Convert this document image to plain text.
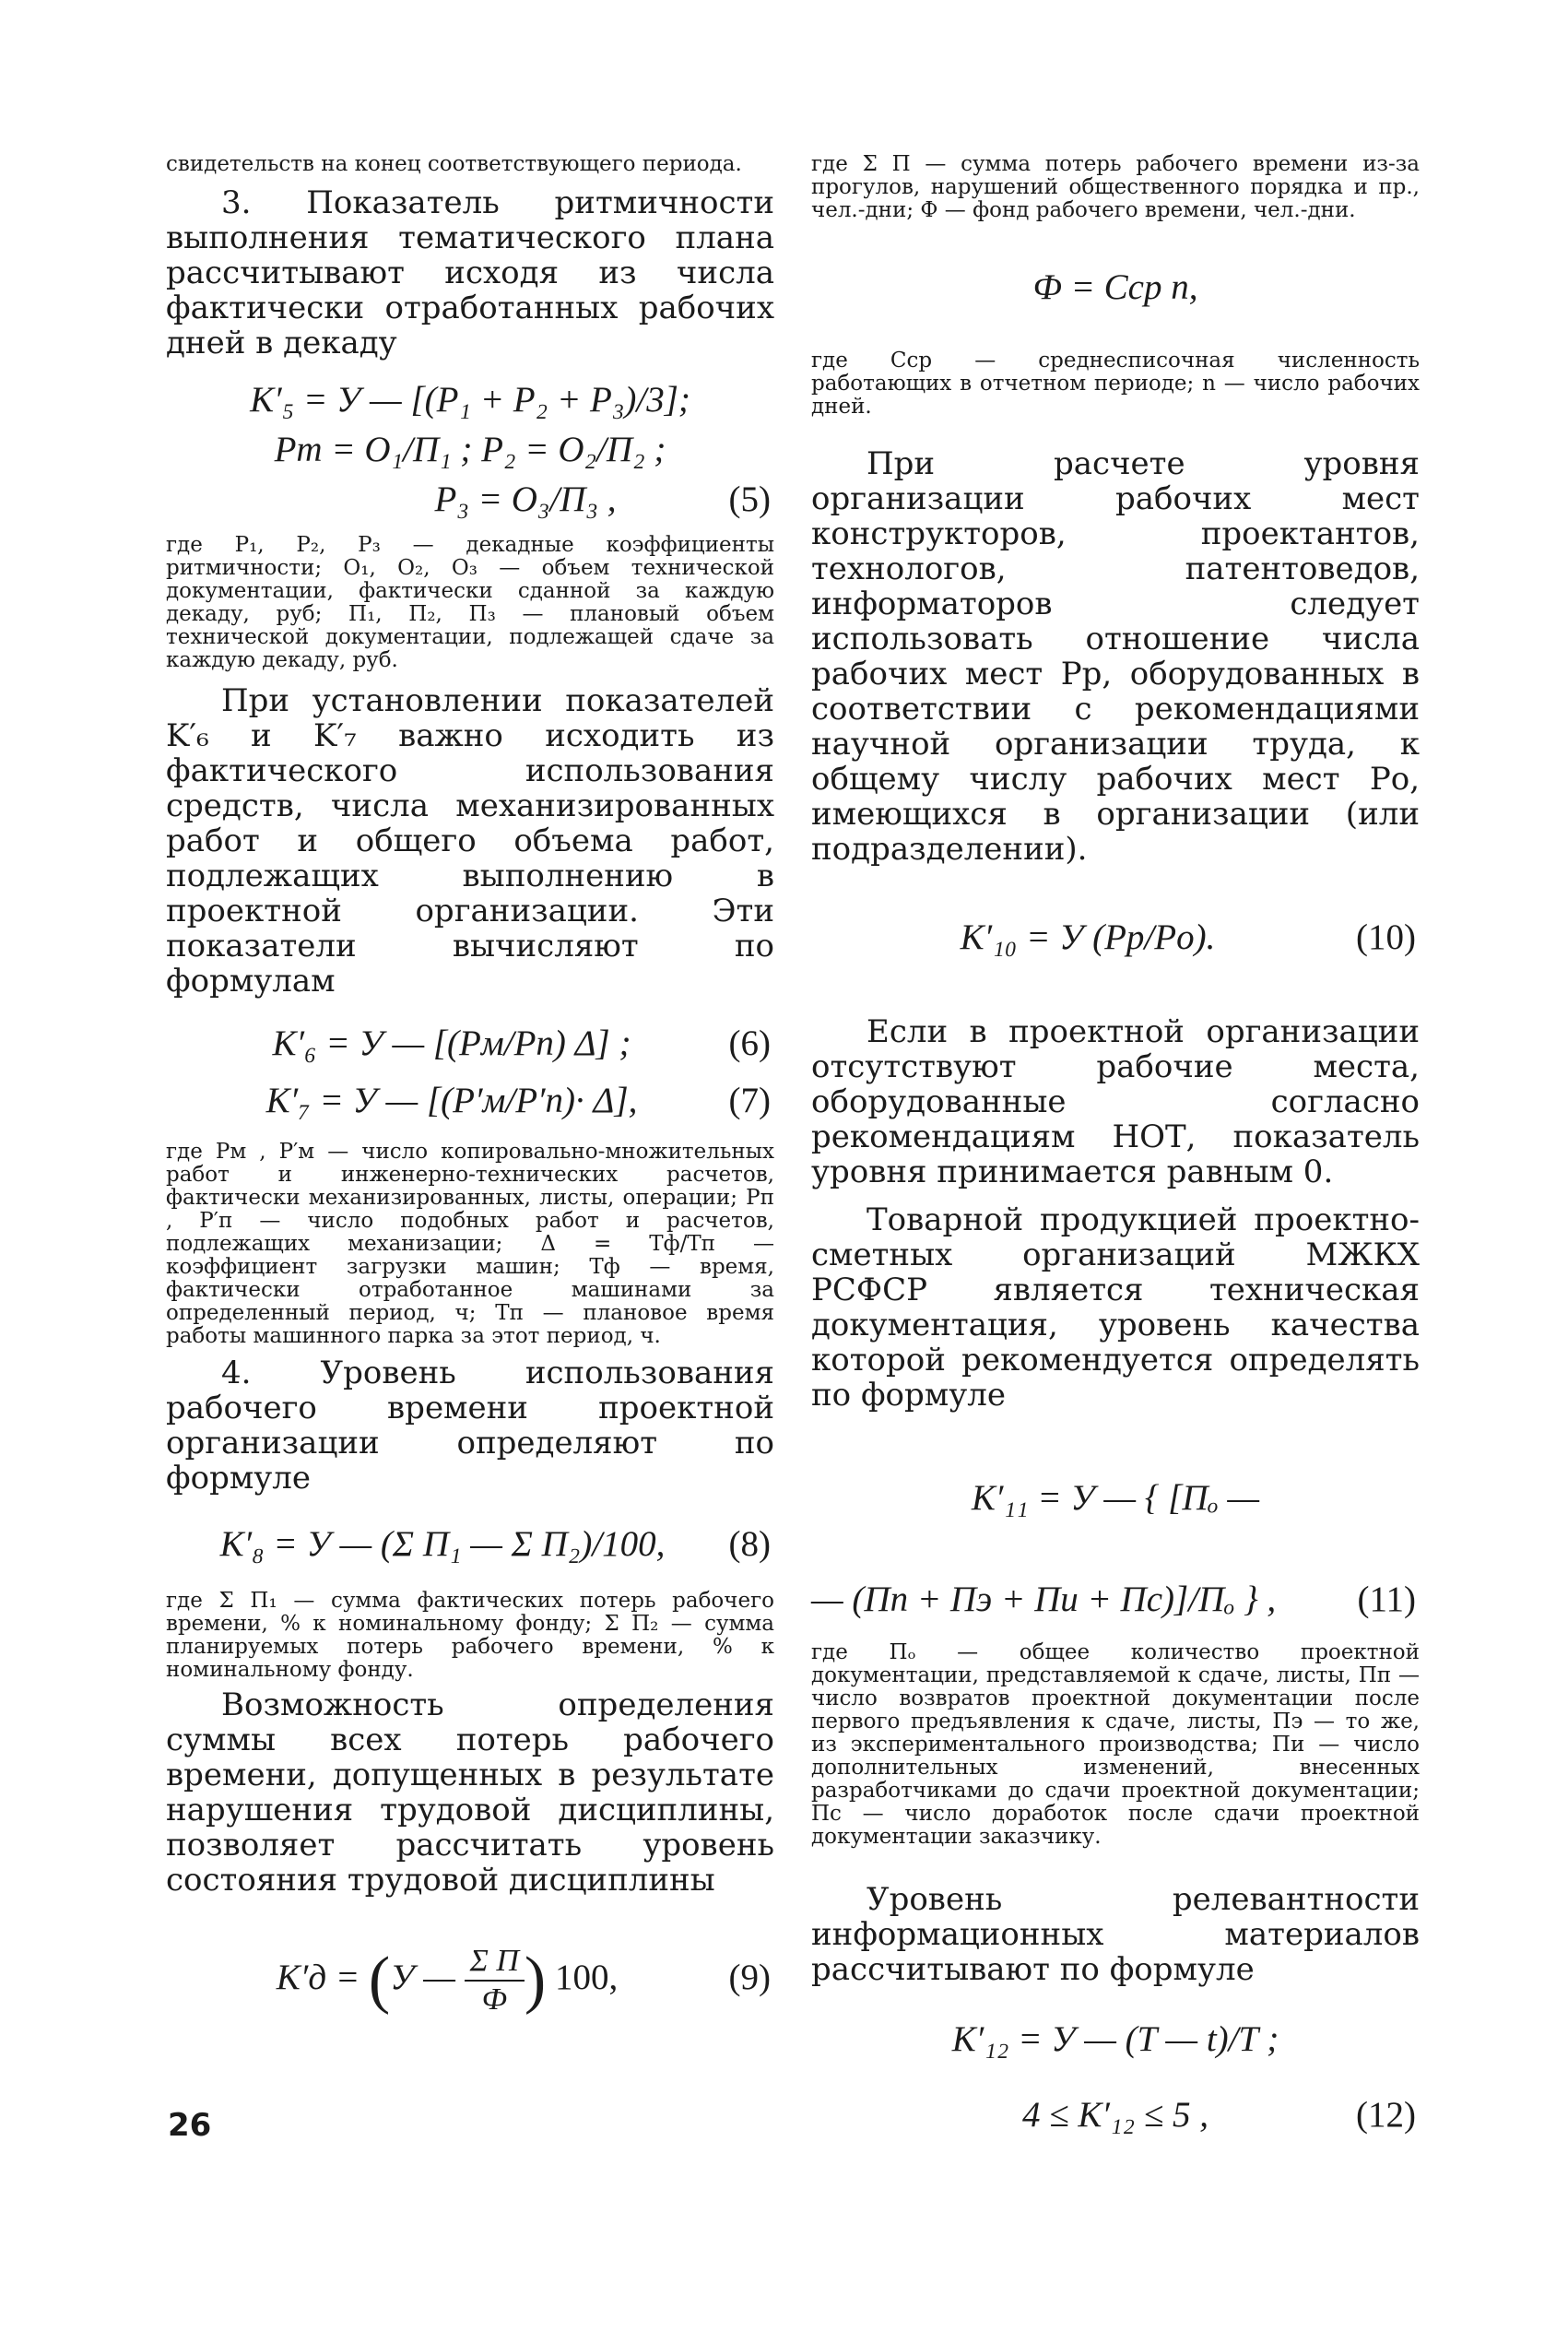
свидетельств на конец соответствующего периода.

3. Показатель ритмичности выполнения тематического плана рассчитывают исходя из числа фактически отработанных рабочих дней в декаду

K′₅ = У — [(P₁ + P₂ + P₃)/3];
Pт = O₁/П₁ ; P₂ = O₂/П₂ ;
P₃ = O₃/П₃ ,	(5)

где P₁, P₂, P₃ — декадные коэффициенты ритмичности; O₁, O₂, O₃ — объем технической документации, фактически сданной за каждую декаду, руб; П₁, П₂, П₃ — плановый объем технической документации, подлежащей сдаче за каждую декаду, руб.

При установлении показателей K′₆ и K′₇ важно исходить из фактического использования средств, числа механизированных работ и общего объема работ, подлежащих выполнению в проектной организации. Эти показатели вычисляют по формулам

K′₆ = У — [(Pм/Pп) Δ] ;	(6)
K′₇ = У — [(P′м/P′п)· Δ],	(7)

где Pм , P′м — число копировально-множительных работ и инженерно-технических расчетов, фактически механизированных, листы, операции; Pп , P′п — число подобных работ и расчетов, подлежащих механизации; Δ = Tф/Tп — коэффициент загрузки машин; Tф — время, фактически отработанное машинами за определенный период, ч; Tп — плановое время работы машинного парка за этот период, ч.

4. Уровень использования рабочего времени проектной организации определяют по формуле

K′₈ = У — (Σ П₁ — Σ П₂)/100,	(8)

где Σ П₁ — сумма фактических потерь рабочего времени, % к номинальному фонду; Σ П₂ — сумма планируемых потерь рабочего времени, % к номинальному фонду.

Возможность определения суммы всех потерь рабочего времени, допущенных в результате нарушения трудовой дисциплины, позволяет рассчитать уровень состояния трудовой дисциплины

K′д = (У — $\frac{\text{Σ П}}{Ф}$ ) 100,	(9)

где Σ П — сумма потерь рабочего времени из-за прогулов, нарушений общественного порядка и пр., чел.-дни; Ф — фонд рабочего времени, чел.-дни.

Ф = Cср n,

где Cср — среднесписочная численность работающих в отчетном периоде; n — число рабочих дней.

При расчете уровня организации рабочих мест конструкторов, проектантов, технологов, патентоведов, информаторов следует использовать отношение числа рабочих мест Pр, оборудованных в соответствии с рекомендациями научной организации труда, к общему числу рабочих мест Pо, имеющихся в организации (или подразделении).

K′₁₀ = У (Pр/Pо).	(10)

Если в проектной организации отсутствуют рабочие места, оборудованные согласно рекомендациям НОТ, показатель уровня принимается равным 0.

Товарной продукцией проектно-сметных организаций МЖКХ РСФСР является техническая документация, уровень качества которой рекомендуется определять по формуле

K′₁₁ = У — { [Пₒ —
— (Пп + Пэ + Пи + Пс)]/Пₒ } ,	(11)

где Пₒ — общее количество проектной документации, представляемой к сдаче, листы, Пп — число возвратов проектной документации после первого предъявления к сдаче, листы, Пэ — то же, из экспериментального производства; Пи — число дополнительных изменений, внесенных разработчиками до сдачи проектной документации; Пс — число доработок после сдачи проектной документации заказчику.

Уровень релевантности информационных материалов рассчитывают по формуле

K′₁₂ = У — (T — t)/T ;
4 ≤ K′₁₂ ≤ 5 ,	(12)
26
